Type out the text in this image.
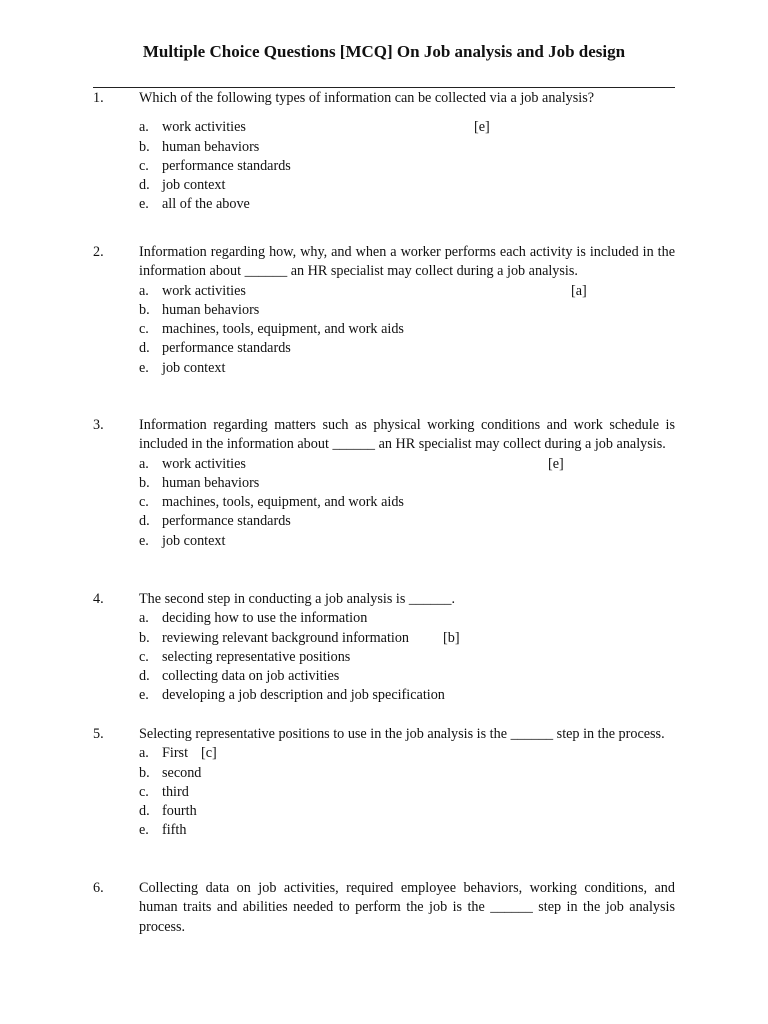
Multiple Choice Questions [MCQ] On Job analysis and Job design
1. Which of the following types of information can be collected via a job analysis?
a. work activities	[e]
b. human behaviors
c. performance standards
d. job context
e. all of the above
2. Information regarding how, why, and when a worker performs each activity is included in the information about ______ an HR specialist may collect during a job analysis.
a. work activities	[a]
b. human behaviors
c. machines, tools, equipment, and work aids
d. performance standards
e. job context
3. Information regarding matters such as physical working conditions and work schedule is included in the information about ______ an HR specialist may collect during a job analysis.
a. work activities	[e]
b. human behaviors
c. machines, tools, equipment, and work aids
d. performance standards
e. job context
4. The second step in conducting a job analysis is ______.
a. deciding how to use the information
b. reviewing relevant background information [b]
c. selecting representative positions
d. collecting data on job activities
e. developing a job description and job specification
5. Selecting representative positions to use in the job analysis is the ______ step in the process.
a. First [c]
b. second
c. third
d. fourth
e. fifth
6. Collecting data on job activities, required employee behaviors, working conditions, and human traits and abilities needed to perform the job is the ______ step in the job analysis process.
